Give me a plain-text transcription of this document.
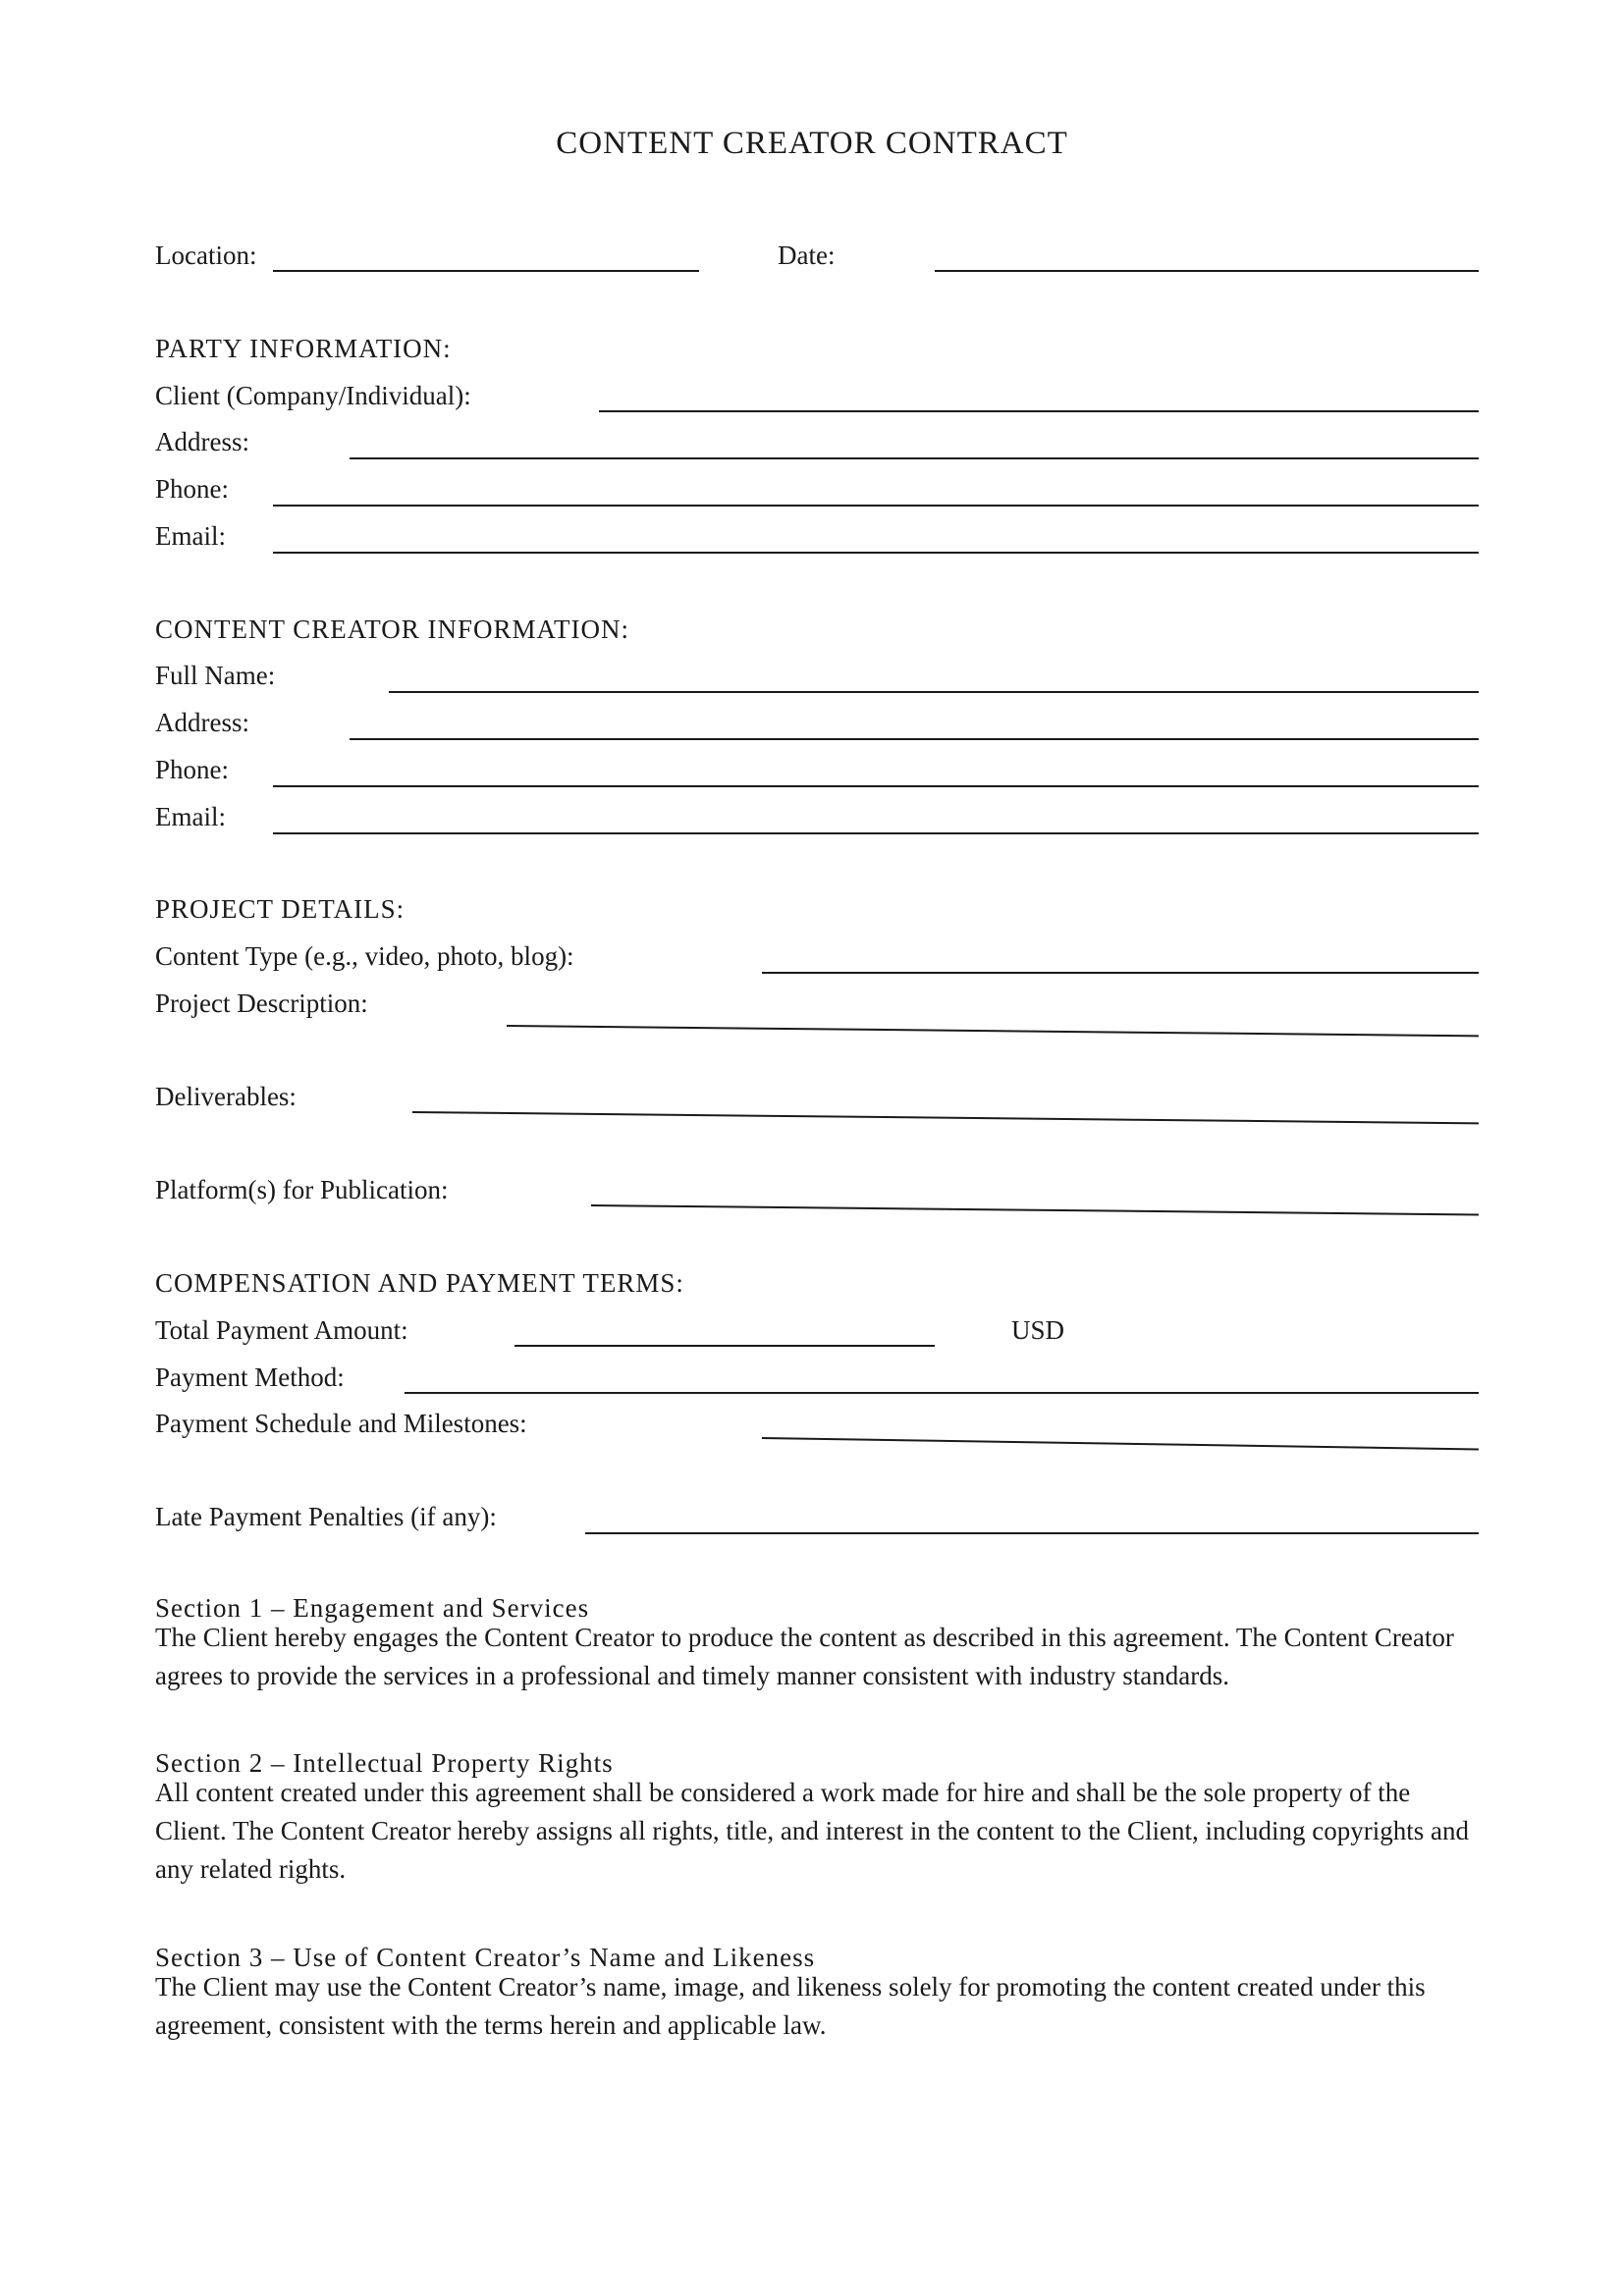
CONTENT CREATOR CONTRACT
Location:	Date:
PARTY INFORMATION:
Client (Company/Individual):
Address:
Phone:
Email:
CONTENT CREATOR INFORMATION:
Full Name:
Address:
Phone:
Email:
PROJECT DETAILS:
Content Type (e.g., video, photo, blog):
Project Description:
Deliverables:
Platform(s) for Publication:
COMPENSATION AND PAYMENT TERMS:
Total Payment Amount:	USD
Payment Method:
Payment Schedule and Milestones:
Late Payment Penalties (if any):
Section 1 – Engagement and Services
The Client hereby engages the Content Creator to produce the content as described in this agreement. The Content Creator agrees to provide the services in a professional and timely manner consistent with industry standards.
Section 2 – Intellectual Property Rights
All content created under this agreement shall be considered a work made for hire and shall be the sole property of the Client. The Content Creator hereby assigns all rights, title, and interest in the content to the Client, including copyrights and any related rights.
Section 3 – Use of Content Creator’s Name and Likeness
The Client may use the Content Creator’s name, image, and likeness solely for promoting the content created under this agreement, consistent with the terms herein and applicable law.
